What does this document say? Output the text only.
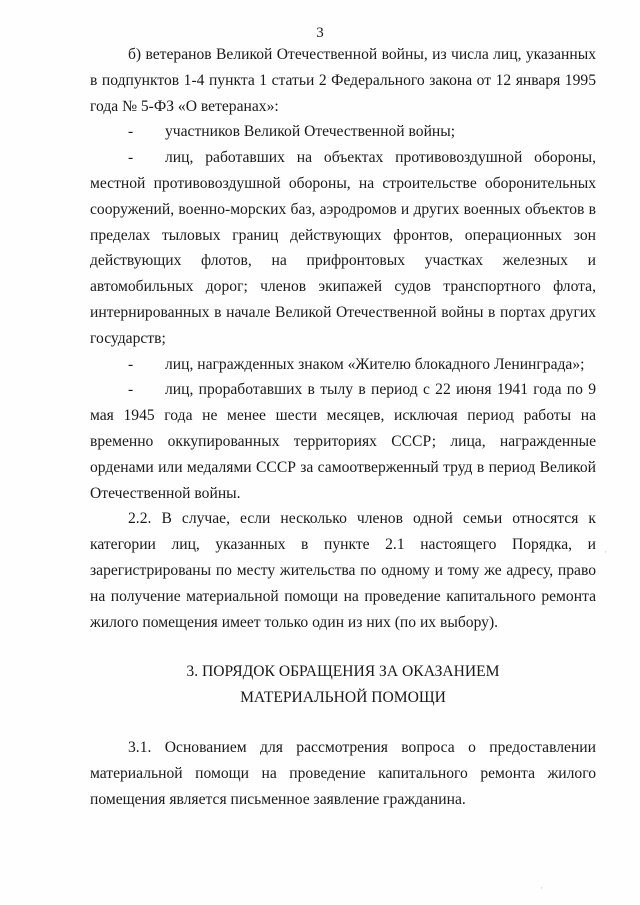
3

б) ветеранов Великой Отечественной войны, из числа лиц, указанных в подпунктов 1-4 пункта 1 статьи 2 Федерального закона от 12 января 1995 года № 5-ФЗ «О ветеранах»:

- участников Великой Отечественной войны;

- лиц, работавших на объектах противовоздушной обороны, местной противовоздушной обороны, на строительстве оборонительных сооружений, военно-морских баз, аэродромов и других военных объектов в пределах тыловых границ действующих фронтов, операционных зон действующих флотов, на прифронтовых участках железных и автомобильных дорог; членов экипажей судов транспортного флота, интернированных в начале Великой Отечественной войны в портах других государств;

- лиц, награжденных знаком «Жителю блокадного Ленинграда»;

- лиц, проработавших в тылу в период с 22 июня 1941 года по 9 мая 1945 года не менее шести месяцев, исключая период работы на временно оккупированных территориях СССР; лица, награжденные орденами или медалями СССР за самоотверженный труд в период Великой Отечественной войны.

2.2. В случае, если несколько членов одной семьи относятся к категории лиц, указанных в пункте 2.1 настоящего Порядка, и зарегистрированы по месту жительства по одному и тому же адресу, право на получение материальной помощи на проведение капитального ремонта жилого помещения имеет только один из них (по их выбору).

3. ПОРЯДОК ОБРАЩЕНИЯ ЗА ОКАЗАНИЕМ

МАТЕРИАЛЬНОЙ ПОМОЩИ

3.1. Основанием для рассмотрения вопроса о предоставлении материальной помощи на проведение капитального ремонта жилого помещения является письменное заявление гражданина.

·
·
